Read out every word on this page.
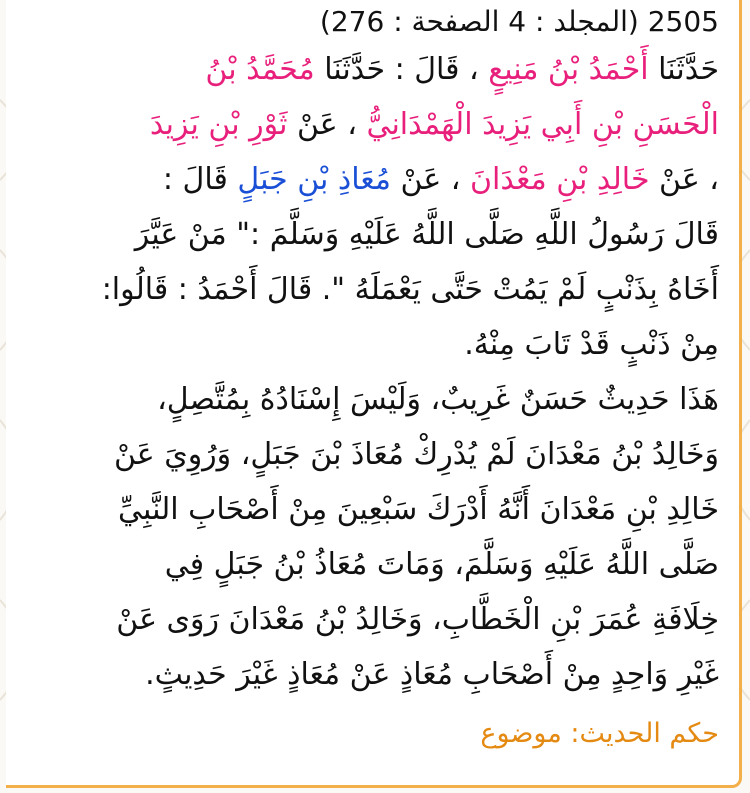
2505 (المجلد : 4 الصفحة : 276)
حَدَّثَنَا أَحْمَدُ بْنُ مَنِيعٍ ، قَالَ : حَدَّثَنَا مُحَمَّدُ بْنُ
الْحَسَنِ بْنِ أَبِي يَزِيدَ الْهَمْدَانِيُّ ، عَنْ ثَوْرِ بْنِ يَزِيدَ
، عَنْ خَالِدِ بْنِ مَعْدَانَ ، عَنْ مُعَاذِ بْنِ جَبَلٍ قَالَ :
قَالَ رَسُولُ اللَّهِ صَلَّى اللَّهُ عَلَيْهِ وَسَلَّمَ :" مَنْ عَيَّرَ
أَخَاهُ بِذَنْبٍ لَمْ يَمُتْ حَتَّى يَعْمَلَهُ ". قَالَ أَحْمَدُ : قَالُوا:
مِنْ ذَنْبٍ قَدْ تَابَ مِنْهُ.
هَذَا حَدِيثٌ حَسَنٌ غَرِيبٌ، وَلَيْسَ إِسْنَادُهُ بِمُتَّصِلٍ،
وَخَالِدُ بْنُ مَعْدَانَ لَمْ يُدْرِكْ مُعَاذَ بْنَ جَبَلٍ، وَرُوِيَ عَنْ
خَالِدِ بْنِ مَعْدَانَ أَنَّهُ أَدْرَكَ سَبْعِينَ مِنْ أَصْحَابِ النَّبِيِّ
صَلَّى اللَّهُ عَلَيْهِ وَسَلَّمَ، وَمَاتَ مُعَاذُ بْنُ جَبَلٍ فِي
خِلَافَةِ عُمَرَ بْنِ الْخَطَّابِ، وَخَالِدُ بْنُ مَعْدَانَ رَوَى عَنْ
غَيْرِ وَاحِدٍ مِنْ أَصْحَابِ مُعَاذٍ عَنْ مُعَاذٍ غَيْرَ حَدِيثٍ.
حكم الحديث: موضوع
